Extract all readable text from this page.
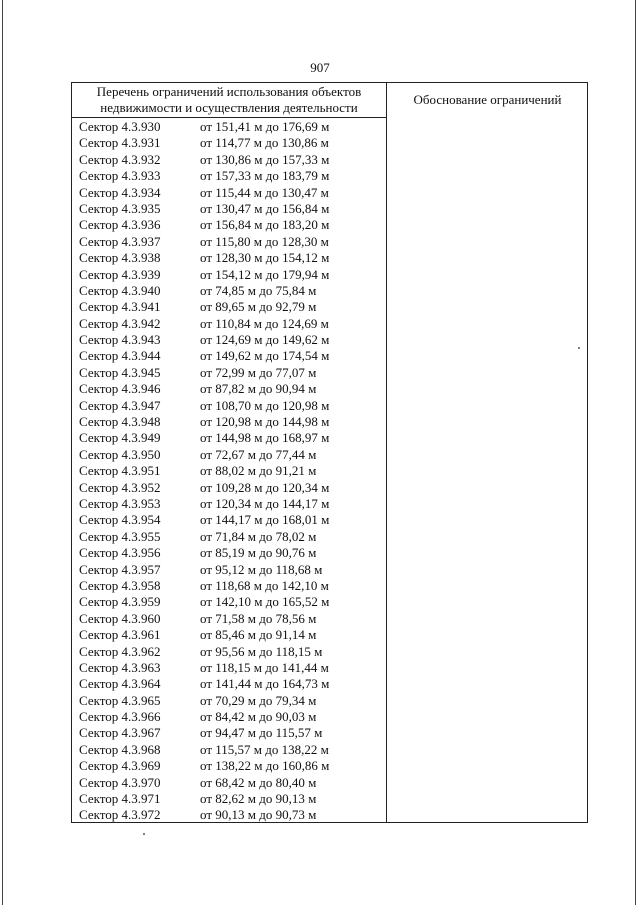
907
Перечень ограничений использования объектов
недвижимости и осуществления деятельности
Обоснование ограничений
Сектор 4.3.930	от 151,41 м до 176,69 м
Сектор 4.3.931	от 114,77 м до 130,86 м
Сектор 4.3.932	от 130,86 м до 157,33 м
Сектор 4.3.933	от 157,33 м до 183,79 м
Сектор 4.3.934	от 115,44 м до 130,47 м
Сектор 4.3.935	от 130,47 м до 156,84 м
Сектор 4.3.936	от 156,84 м до 183,20 м
Сектор 4.3.937	от 115,80 м до 128,30 м
Сектор 4.3.938	от 128,30 м до 154,12 м
Сектор 4.3.939	от 154,12 м до 179,94 м
Сектор 4.3.940	от 74,85 м до 75,84 м
Сектор 4.3.941	от 89,65 м до 92,79 м
Сектор 4.3.942	от 110,84 м до 124,69 м
Сектор 4.3.943	от 124,69 м до 149,62 м
Сектор 4.3.944	от 149,62 м до 174,54 м
Сектор 4.3.945	от 72,99 м до 77,07 м
Сектор 4.3.946	от 87,82 м до 90,94 м
Сектор 4.3.947	от 108,70 м до 120,98 м
Сектор 4.3.948	от 120,98 м до 144,98 м
Сектор 4.3.949	от 144,98 м до 168,97 м
Сектор 4.3.950	от 72,67 м до 77,44 м
Сектор 4.3.951	от 88,02 м до 91,21 м
Сектор 4.3.952	от 109,28 м до 120,34 м
Сектор 4.3.953	от 120,34 м до 144,17 м
Сектор 4.3.954	от 144,17 м до 168,01 м
Сектор 4.3.955	от 71,84 м до 78,02 м
Сектор 4.3.956	от 85,19 м до 90,76 м
Сектор 4.3.957	от 95,12 м до 118,68 м
Сектор 4.3.958	от 118,68 м до 142,10 м
Сектор 4.3.959	от 142,10 м до 165,52 м
Сектор 4.3.960	от 71,58 м до 78,56 м
Сектор 4.3.961	от 85,46 м до 91,14 м
Сектор 4.3.962	от 95,56 м до 118,15 м
Сектор 4.3.963	от 118,15 м до 141,44 м
Сектор 4.3.964	от 141,44 м до 164,73 м
Сектор 4.3.965	от 70,29 м до 79,34 м
Сектор 4.3.966	от 84,42 м до 90,03 м
Сектор 4.3.967	от 94,47 м до 115,57 м
Сектор 4.3.968	от 115,57 м до 138,22 м
Сектор 4.3.969	от 138,22 м до 160,86 м
Сектор 4.3.970	от 68,42 м до 80,40 м
Сектор 4.3.971	от 82,62 м до 90,13 м
Сектор 4.3.972	от 90,13 м до 90,73 м
